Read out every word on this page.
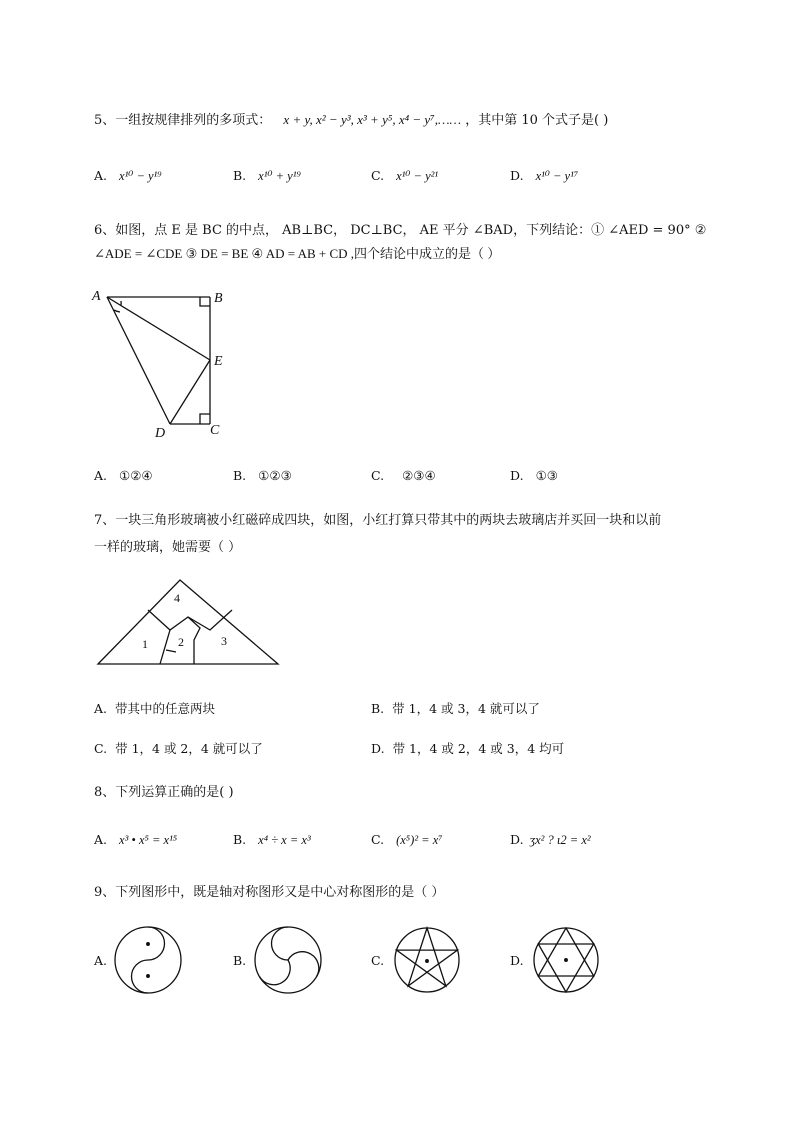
5、一组按规律排列的多项式： x + y, x² − y³, x³ + y⁵, x⁴ − y⁷,…… ，其中第 10 个式子是( )
A. x¹⁰ − y¹⁹	B. x¹⁰ + y¹⁹	C. x¹⁰ − y²¹	D. x¹⁰ − y¹⁷
6、如图，点 E 是 BC 的中点， AB⊥BC， DC⊥BC， AE 平分 ∠BAD，下列结论：① ∠AED = 90° ②
∠ADE = ∠CDE ③ DE = BE ④ AD = AB + CD ,四个结论中成立的是（ ）
A	B
E
C
D
A. ①②④	B. ①②③	C. ②③④	D. ①③
7、一块三角形玻璃被小红磁碎成四块，如图，小红打算只带其中的两块去玻璃店并买回一块和以前
一样的玻璃，她需要（ ）
4
1	2	3
A. 带其中的任意两块	B. 带 1，4 或 3，4 就可以了
C. 带 1，4 或 2，4 就可以了	D. 带 1，4 或 2，4 或 3，4 均可
8、下列运算正确的是( )
A. x³ • x⁵ = x¹⁵	B. x⁴ ÷ x = x³	C. (x⁵)² = x⁷	D. ʒx² ? ɩ2 = x²
9、下列图形中，既是轴对称图形又是中心对称图形的是（ ）
A.	B.	C.	D.
